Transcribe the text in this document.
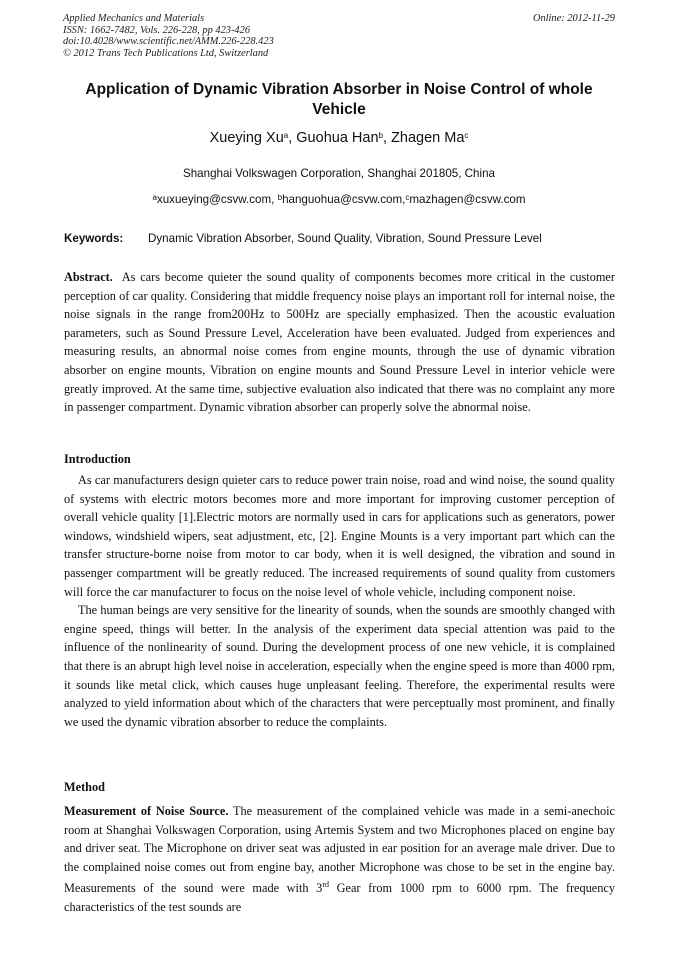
Applied Mechanics and Materials
ISSN: 1662-7482, Vols. 226-228, pp 423-426
doi:10.4028/www.scientific.net/AMM.226-228.423
© 2012 Trans Tech Publications Ltd, Switzerland
Online: 2012-11-29
Application of Dynamic Vibration Absorber in Noise Control of whole Vehicle
Xueying Xu$^a$, Guohua Han$^b$, Zhagen Ma$^c$
Shanghai Volkswagen Corporation, Shanghai 201805, China
$^a$xuxueying@csvw.com, $^b$hanguohua@csvw.com,$^c$mazhagen@csvw.com
Keywords: Dynamic Vibration Absorber, Sound Quality, Vibration, Sound Pressure Level

Abstract. As cars become quieter the sound quality of components becomes more critical in the customer perception of car quality. Considering that middle frequency noise plays an important roll for internal noise, the noise signals in the range from200Hz to 500Hz are specially emphasized. Then the acoustic evaluation parameters, such as Sound Pressure Level, Acceleration have been evaluated. Judged from experiences and measuring results, an abnormal noise comes from engine mounts, through the use of dynamic vibration absorber on engine mounts, Vibration on engine mounts and Sound Pressure Level in interior vehicle were greatly improved. At the same time, subjective evaluation also indicated that there was no complaint any more in passenger compartment. Dynamic vibration absorber can properly solve the abnormal noise.

Introduction

As car manufacturers design quieter cars to reduce power train noise, road and wind noise, the sound quality of systems with electric motors becomes more and more important for improving customer perception of overall vehicle quality [1].Electric motors are normally used in cars for applications such as generators, power windows, windshield wipers, seat adjustment, etc, [2]. Engine Mounts is a very important part which can the transfer structure-borne noise from motor to car body, when it is well designed, the vibration and sound in passenger compartment will be greatly reduced. The increased requirements of sound quality from customers will force the car manufacturer to focus on the noise level of whole vehicle, including component noise.

The human beings are very sensitive for the linearity of sounds, when the sounds are smoothly changed with engine speed, things will better. In the analysis of the experiment data special attention was paid to the influence of the nonlinearity of sound. During the development process of one new vehicle, it is complained that there is an abrupt high level noise in acceleration, especially when the engine speed is more than 4000 rpm, it sounds like metal click, which causes huge unpleasant feeling. Therefore, the experimental results were analyzed to yield information about which of the characters that were perceptually most prominent, and finally we used the dynamic vibration absorber to reduce the complaints.

Method

Measurement of Noise Source. The measurement of the complained vehicle was made in a semi-anechoic room at Shanghai Volkswagen Corporation, using Artemis System and two Microphones placed on engine bay and driver seat. The Microphone on driver seat was adjusted in ear position for an average male driver. Due to the complained noise comes out from engine bay, another Microphone was chose to be set in the engine bay. Measurements of the sound were made with 3rd Gear from 1000 rpm to 6000 rpm. The frequency characteristics of the test sounds are
